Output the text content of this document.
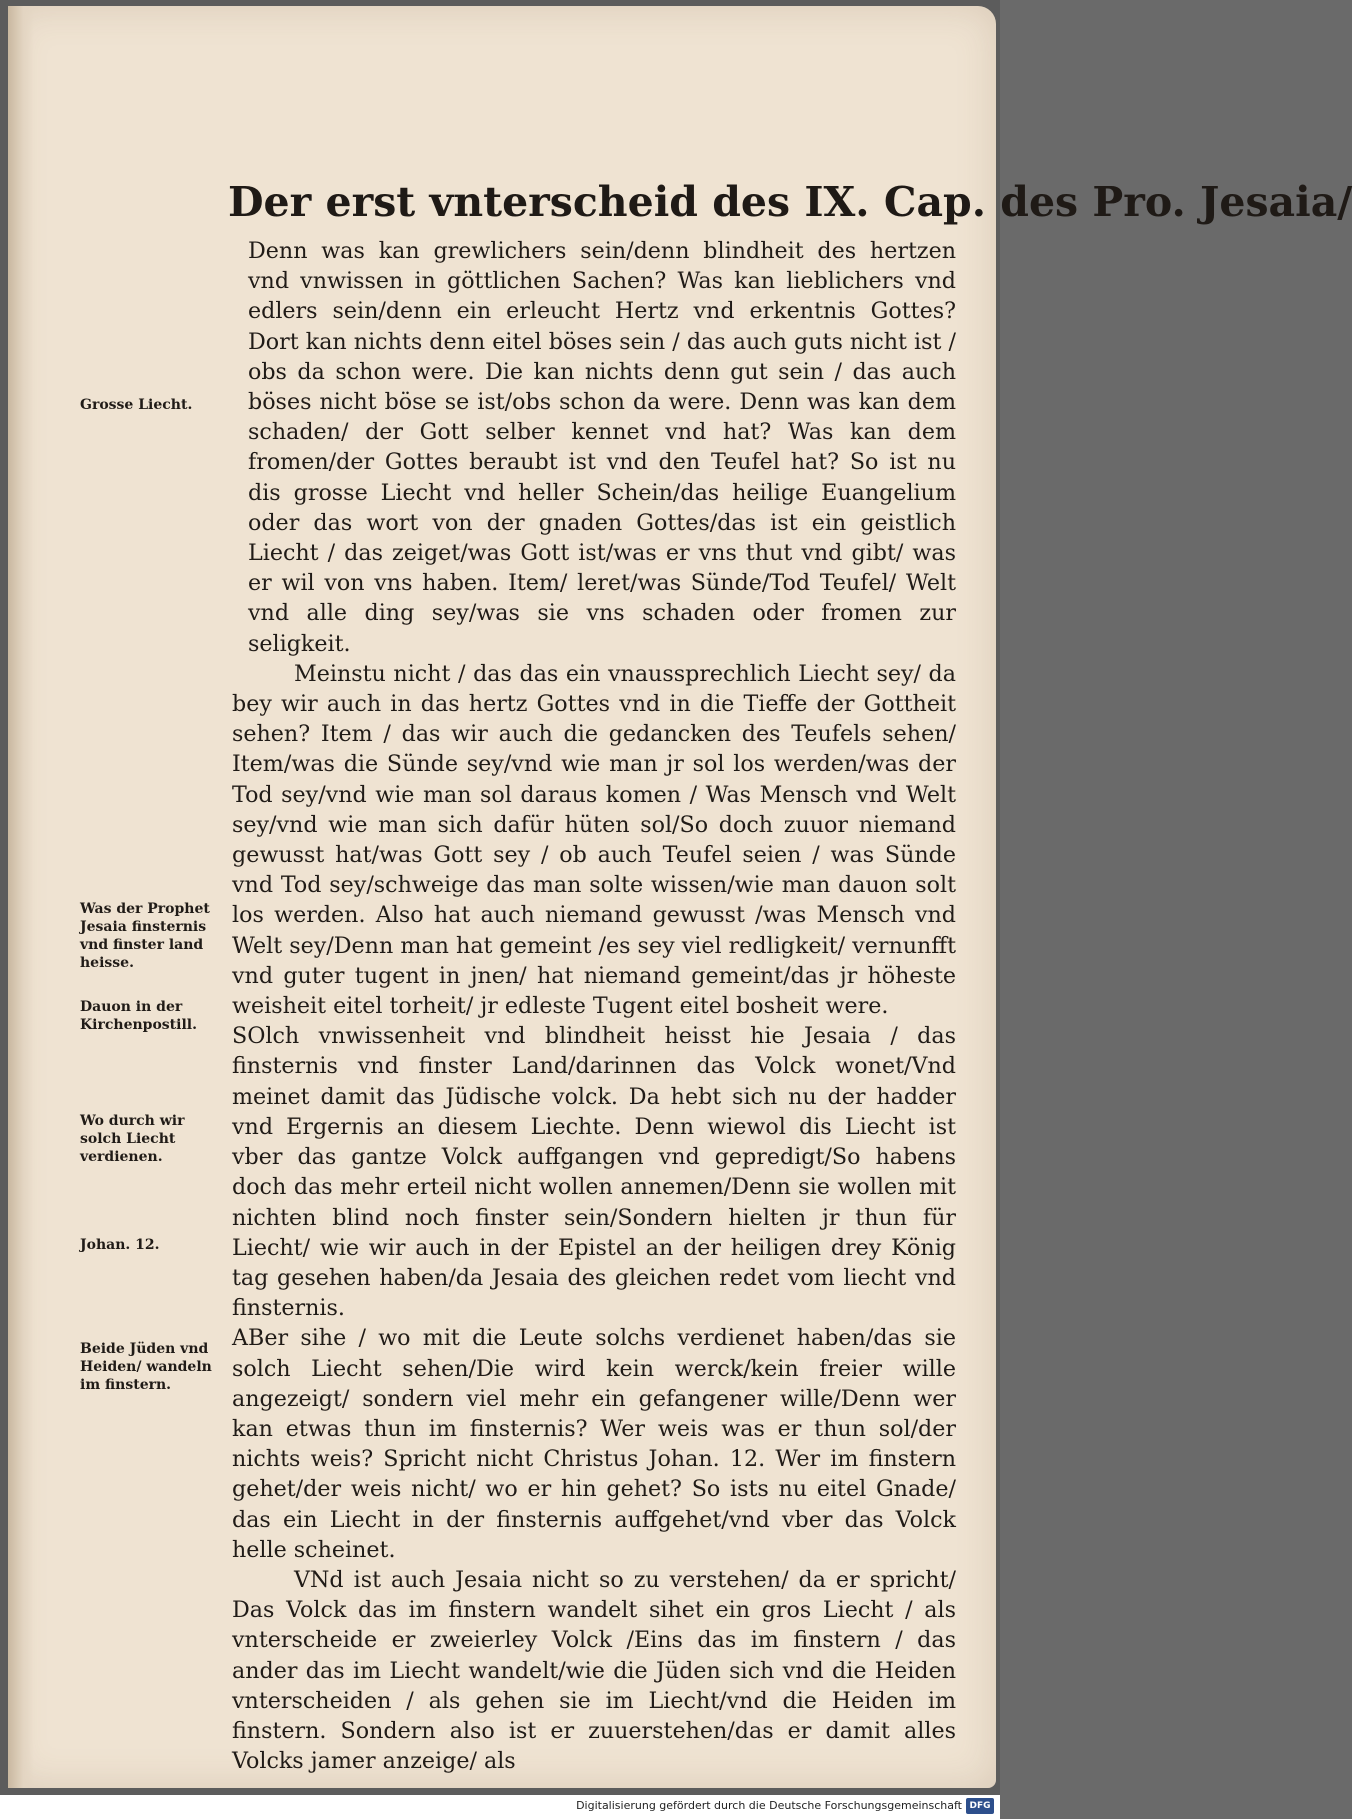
Der erst vnterscheid des IX. Cap. des Pro. Jesaia/

Denn was kan grewlichers sein/denn blindheit des hertzen vnd vnwissen in göttlichen Sachen? Was kan lieblichers vnd edlers sein/denn ein erleucht Hertz vnd erkentnis Gottes? Dort kan nichts denn eitel böses sein / das auch guts nicht ist / obs da schon were. Die kan nichts denn gut sein / das auch böses nicht böse se ist/obs schon da were. Denn was kan dem schaden/ der Gott selber kennet vnd hat? Was kan dem fromen/der Gottes beraubt ist vnd den Teufel hat? So ist nu dis grosse Liecht vnd heller Schein/das heilige Euangelium oder das wort von der gnaden Gottes/das ist ein geistlich Liecht / das zeiget/was Gott ist/was er vns thut vnd gibt/ was er wil von vns haben. Item/ leret/was Sünde/Tod Teufel/ Welt vnd alle ding sey/was sie vns schaden oder fromen zur seligkeit.

Meinstu nicht / das das ein vnaussprechlich Liecht sey/ da bey wir auch in das hertz Gottes vnd in die Tieffe der Gottheit sehen? Item / das wir auch die gedancken des Teufels sehen/ Item/was die Sünde sey/vnd wie man jr sol los werden/was der Tod sey/vnd wie man sol daraus komen / Was Mensch vnd Welt sey/vnd wie man sich dafür hüten sol/So doch zuuor niemand gewusst hat/was Gott sey / ob auch Teufel seien / was Sünde vnd Tod sey/schweige das man solte wissen/wie man dauon solt los werden. Also hat auch niemand gewusst /was Mensch vnd Welt sey/Denn man hat gemeint /es sey viel redligkeit/ vernunfft vnd guter tugent in jnen/ hat niemand gemeint/das jr höheste weisheit eitel torheit/ jr edleste Tugent eitel bosheit were.

SOlch vnwissenheit vnd blindheit heisst hie Jesaia / das finsternis vnd finster Land/darinnen das Volck wonet/Vnd meinet damit das Jüdische volck. Da hebt sich nu der hadder vnd Ergernis an diesem Liechte. Denn wiewol dis Liecht ist vber das gantze Volck auffgangen vnd gepredigt/So habens doch das mehr erteil nicht wollen annemen/Denn sie wollen mit nichten blind noch finster sein/Sondern hielten jr thun für Liecht/ wie wir auch in der Epistel an der heiligen drey König tag gesehen haben/da Jesaia des gleichen redet vom liecht vnd finsternis.

ABer sihe / wo mit die Leute solchs verdienet haben/das sie solch Liecht sehen/Die wird kein werck/kein freier wille angezeigt/ sondern viel mehr ein gefangener wille/Denn wer kan etwas thun im finsternis? Wer weis was er thun sol/der nichts weis? Spricht nicht Christus Johan. 12. Wer im finstern gehet/der weis nicht/ wo er hin gehet? So ists nu eitel Gnade/ das ein Liecht in der finsternis auffgehet/vnd vber das Volck helle scheinet.

VNd ist auch Jesaia nicht so zu verstehen/ da er spricht/ Das Volck das im finstern wandelt sihet ein gros Liecht / als vnterscheide er zweierley Volck /Eins das im finstern / das ander das im Liecht wandelt/wie die Jüden sich vnd die Heiden vnterscheiden / als gehen sie im Liecht/vnd die Heiden im finstern. Sondern also ist er zuuerstehen/das er damit alles Volcks jamer anzeige/ als

Grosse Liecht.
Was der Prophet Jesaia finsternis vnd finster land heisse.
Dauon in der Kirchenpostill.
Wo durch wir solch Liecht verdienen.
Johan. 12.
Beide Jüden vnd Heiden/ wandeln im finstern.
Digitalisierung gefördert durch die Deutsche Forschungsgemeinschaft DFG
